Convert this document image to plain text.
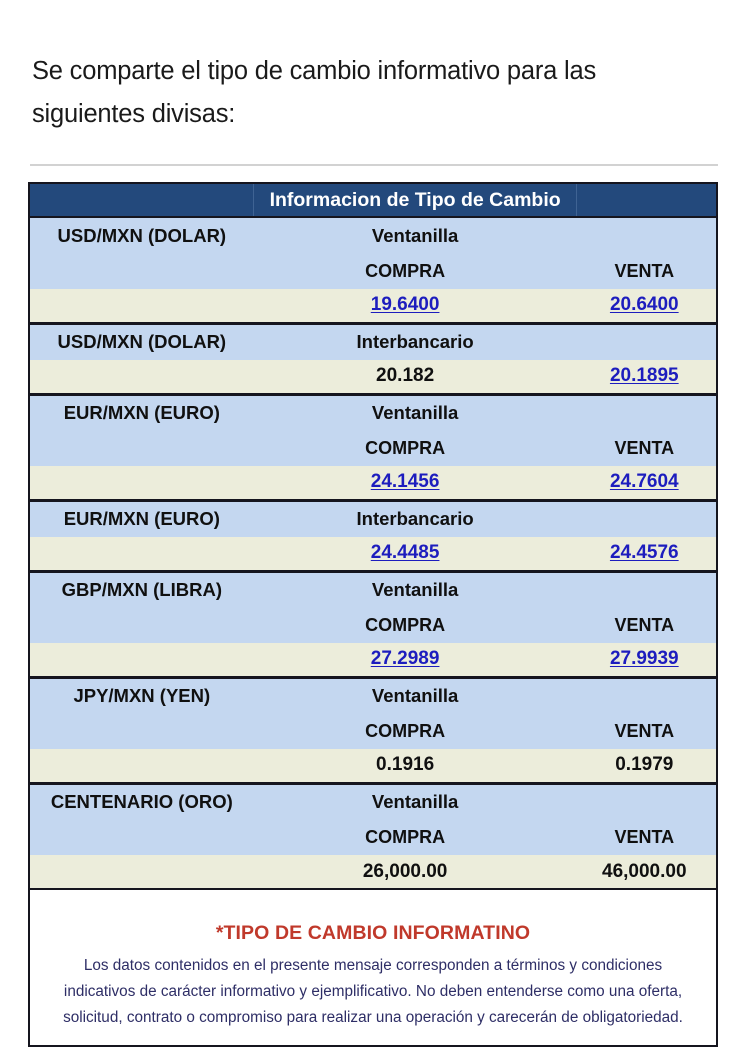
Se comparte el tipo de cambio informativo para las siguientes divisas:
	Informacion de Tipo de Cambio	
USD/MXN (DOLAR)	Ventanilla	
	COMPRA	VENTA
	19.6400	20.6400
USD/MXN (DOLAR)	Interbancario	
	20.182	20.1895
EUR/MXN (EURO)	Ventanilla	
	COMPRA	VENTA
	24.1456	24.7604
EUR/MXN (EURO)	Interbancario	
	24.4485	24.4576
GBP/MXN (LIBRA)	Ventanilla	
	COMPRA	VENTA
	27.2989	27.9939
JPY/MXN (YEN)	Ventanilla	
	COMPRA	VENTA
	0.1916	0.1979
CENTENARIO (ORO)	Ventanilla	
	COMPRA	VENTA
	26,000.00	46,000.00

*TIPO DE CAMBIO INFORMATINO
Los datos contenidos en el presente mensaje corresponden a términos y condiciones indicativos de carácter informativo y ejemplificativo. No deben entenderse como una oferta, solicitud, contrato o compromiso para realizar una operación y carecerán de obligatoriedad.		
